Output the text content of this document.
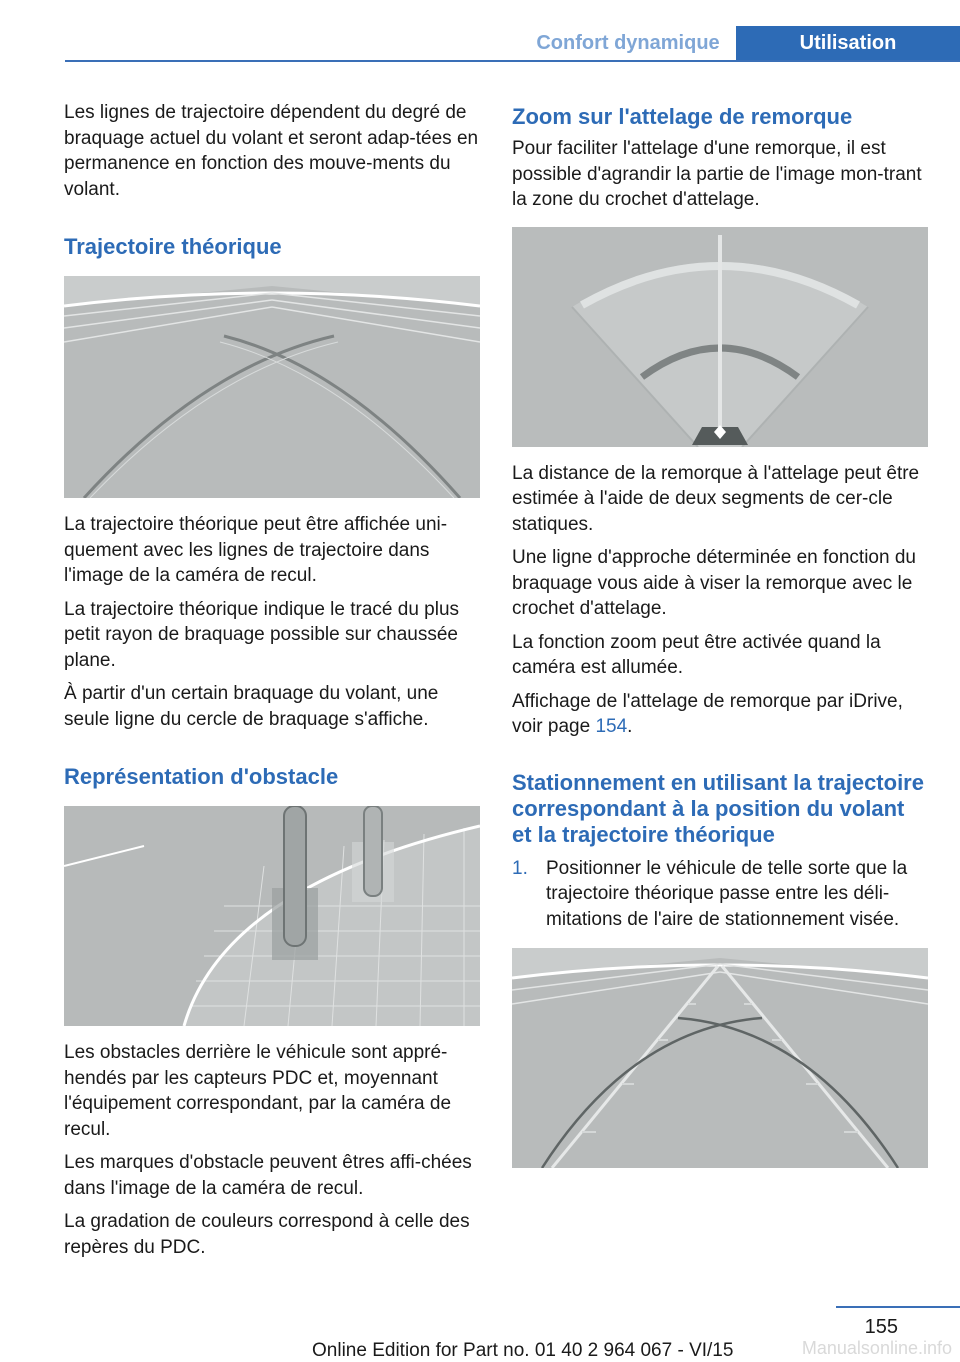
Confort dynamique	Utilisation

Les lignes de trajectoire dépendent du degré de braquage actuel du volant et seront adap-tées en permanence en fonction des mouve-ments du volant.

Trajectoire théorique

La trajectoire théorique peut être affichée uni-quement avec les lignes de trajectoire dans l'image de la caméra de recul.

La trajectoire théorique indique le tracé du plus petit rayon de braquage possible sur chaussée plane.

À partir d'un certain braquage du volant, une seule ligne du cercle de braquage s'affiche.

Représentation d'obstacle

Les obstacles derrière le véhicule sont appré-hendés par les capteurs PDC et, moyennant l'équipement correspondant, par la caméra de recul.

Les marques d'obstacle peuvent êtres affi-chées dans l'image de la caméra de recul.

La gradation de couleurs correspond à celle des repères du PDC.

Zoom sur l'attelage de remorque

Pour faciliter l'attelage d'une remorque, il est possible d'agrandir la partie de l'image mon-trant la zone du crochet d'attelage.

La distance de la remorque à l'attelage peut être estimée à l'aide de deux segments de cer-cle statiques.

Une ligne d'approche déterminée en fonction du braquage vous aide à viser la remorque avec le crochet d'attelage.

La fonction zoom peut être activée quand la caméra est allumée.

Affichage de l'attelage de remorque par iDrive, voir page 154.

Stationnement en utilisant la trajectoire correspondant à la position du volant et la trajectoire théorique
1. Positionner le véhicule de telle sorte que la trajectoire théorique passe entre les déli-mitations de l'aire de stationnement visée.
155
Online Edition for Part no. 01 40 2 964 067 - VI/15	Manualsonline.info
